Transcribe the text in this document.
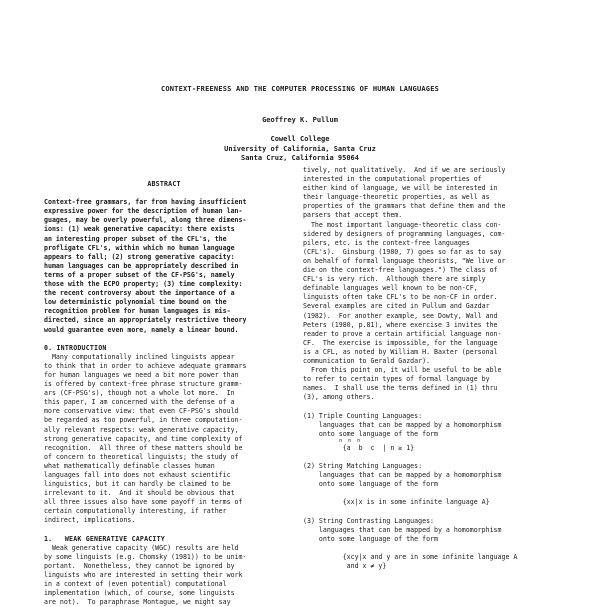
CONTEXT-FREENESS AND THE COMPUTER PROCESSING OF HUMAN LANGUAGES
Geoffrey K. Pullum
Cowell College
University of California, Santa Cruz
Santa Cruz, California 95064
ABSTRACT
Context-free grammars, far from having insufficient
expressive power for the description of human lan-
guages, may be overly powerful, along three dimens-
ions: (1) weak generative capacity: there exists
an interesting proper subset of the CFL's, the
profligate CFL's, within which no human language
appears to fall; (2) strong generative capacity:
human languages can be appropriately described in
terms of a proper subset of the CF-PSG's, namely
those with the ECPO property; (3) time complexity:
the recent controversy about the importance of a
low deterministic polynomial time bound on the
recognition problem for human languages is mis-
directed, since an appropriately restrictive theory
would guarantee even more, namely a linear bound.
0. INTRODUCTION
Many computationally inclined linguists appear
to think that in order to achieve adequate grammars
for human languages we need a bit more power than
is offered by context-free phrase structure gramm-
ars (CF-PSG's), though not a whole lot more.  In
this paper, I am concerned with the defense of a
more conservative view: that even CF-PSG's should
be regarded as too powerful, in three computation-
ally relevant respects: weak generative capacity,
strong generative capacity, and time complexity of
recognition.  All three of these matters should be
of concern to theoretical linguists; the study of
what mathematically definable classes human
languages fall into does not exhaust scientific
linguistics, but it can hardly be claimed to be
irrelevant to it.  And it should be obvious that
all three issues also have some payoff in terms of
certain computationally interesting, if rather
indirect, implications.
1.   WEAK GENERATIVE CAPACITY
Weak generative capacity (WGC) results are held
by some linguists (e.g. Chomsky (1981)) to be unim-
portant.  Nonetheless, they cannot be ignored by
linguists who are interested in setting their work
in a context of (even potential) computational
implementation (which, of course, some linguists
are not).  To paraphrase Montague, we might say
tively, not qualitatively.  And if we are seriously
interested in the computational properties of
either kind of language, we will be interested in
their language-theoretic properties, as well as
properties of the grammars that define them and the
parsers that accept them.
The most important language-theoretic class con-
sidered by designers of programming languages, com-
pilers, etc. is the context-free languages
(CFL's).  Ginsburg (1980, 7) goes so far as to say
on behalf of formal language theorists, "We live or
die on the context-free languages.") The class of
CFL's is very rich.  Although there are simply
definable languages well known to be non-CF,
linguists often take CFL's to be non-CF in order.
Several examples are cited in Pullum and Gazdar
(1982).  For another example, see Dowty, Wall and
Peters (1980, p.81), where exercise 3 invites the
reader to prove a certain artificial language non-
CF.  The exercise is impossible, for the language
is a CFL, as noted by William H. Baxter (personal
communication to Gerald Gazdar).
From this point on, it will be useful to be able
to refer to certain types of formal language by
names.  I shall use the terms defined in (1) thru
(3), among others.
(1) Triple Counting Languages:
languages that can be mapped by a homomorphism
onto some language of the form
n  n  n
{a  b  c  | n ≥ 1}
(2) String Matching Languages:
languages that can be mapped by a homomorphism
onto some language of the form
{xx|x is in some infinite language A}
(3) String Contrasting Languages:
languages that can be mapped by a homomorphism
onto some language of the form
{xcy|x and y are in some infinite language A
and x ≠ y}
